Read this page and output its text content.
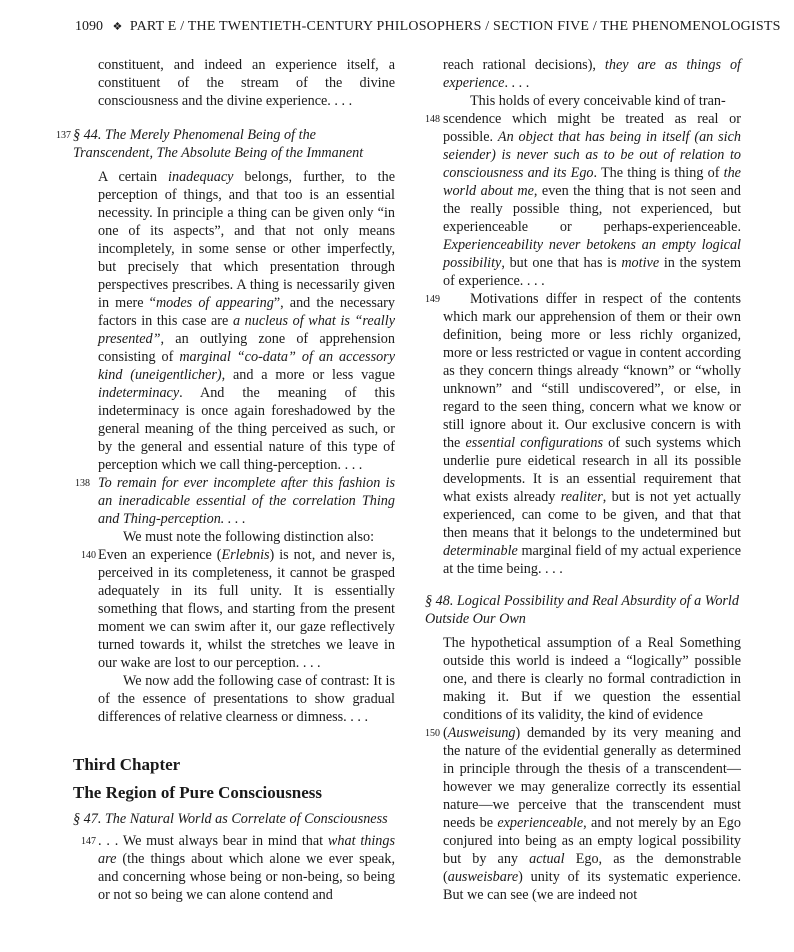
1090 ❖ PART E / THE TWENTIETH-CENTURY PHILOSOPHERS / SECTION FIVE / THE PHENOMENOLOGISTS

constituent, and indeed an experience itself, a constituent of the stream of the divine consciousness and the divine experience. . . .

137 § 44. The Merely Phenomenal Being of the Transcendent, The Absolute Being of the Immanent

A certain inadequacy belongs, further, to the perception of things, and that too is an essential necessity. In principle a thing can be given only “in one of its aspects”, and that not only means incompletely, in some sense or other imperfectly, but precisely that which presentation through perspectives prescribes. A thing is necessarily given in mere “modes of appearing”, and the necessary factors in this case are a nucleus of what is “really presented”, an outlying zone of apprehension consisting of marginal “co-data” of an accessory kind (uneigentlicher), and a more or less vague indeterminacy. And the meaning of this indeterminacy is once again foreshadowed by the general meaning of the thing perceived as such, or by the general and essential nature of this type of perception which we call thing-perception. . . .

138 To remain for ever incomplete after this fashion is an ineradicable essential of the correlation Thing and Thing-perception. . . .

We must note the following distinction also:

140 Even an experience (Erlebnis) is not, and never is, perceived in its completeness, it cannot be grasped adequately in its full unity. It is essentially something that flows, and starting from the present moment we can swim after it, our gaze reflectively turned towards it, whilst the stretches we leave in our wake are lost to our perception. . . .

We now add the following case of contrast: It is of the essence of presentations to show gradual differences of relative clearness or dimness. . . .

Third Chapter

The Region of Pure Consciousness

§ 47. The Natural World as Correlate of Consciousness

147 . . . We must always bear in mind that what things are (the things about which alone we ever speak, and concerning whose being or non-being, so being or not so being we can alone contend and

reach rational decisions), they are as things of experience. . . .

This holds of every conceivable kind of tran-

148 scendence which might be treated as real or possible. An object that has being in itself (an sich seiender) is never such as to be out of relation to consciousness and its Ego. The thing is thing of the world about me, even the thing that is not seen and the really possible thing, not experienced, but experienceable or perhaps-experienceable. Experienceability never betokens an empty logical possibility, but one that has is motive in the system of experience. . . .

149 Motivations differ in respect of the contents which mark our apprehension of them or their own definition, being more or less richly organized, more or less restricted or vague in content according as they concern things already “known” or “wholly unknown” and “still undiscovered”, or else, in regard to the seen thing, concern what we know or still ignore about it. Our exclusive concern is with the essential configurations of such systems which underlie pure eidetical research in all its possible developments. It is an essential requirement that what exists already realiter, but is not yet actually experienced, can come to be given, and that that then means that it belongs to the undetermined but determinable marginal field of my actual experience at the time being. . . .

§ 48. Logical Possibility and Real Absurdity of a World Outside Our Own

The hypothetical assumption of a Real Something outside this world is indeed a “logically” possible one, and there is clearly no formal contradiction in making it. But if we question the essential conditions of its validity, the kind of evidence

150 (Ausweisung) demanded by its very meaning and the nature of the evidential generally as determined in principle through the thesis of a transcendent—however we may generalize correctly its essential nature—we perceive that the transcendent must needs be experienceable, and not merely by an Ego conjured into being as an empty logical possibility but by any actual Ego, as the demonstrable (ausweisbare) unity of its systematic experience. But we can see (we are indeed not
